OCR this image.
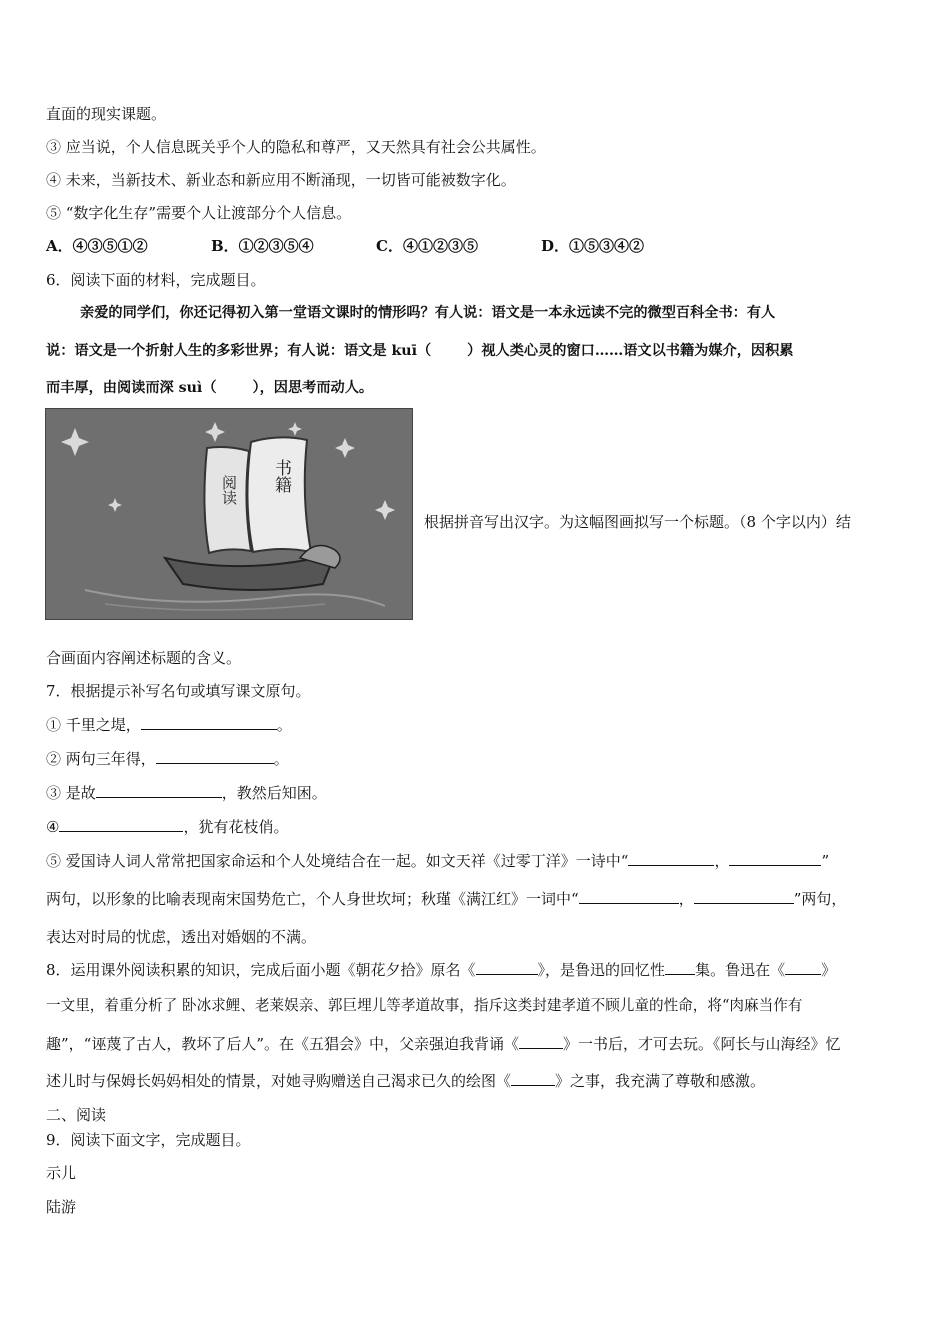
直面的现实课题。
③ 应当说，个人信息既关乎个人的隐私和尊严，又天然具有社会公共属性。
④ 未来，当新技术、新业态和新应用不断涌现，一切皆可能被数字化。
⑤ “数字化生存”需要个人让渡部分个人信息。
A．④③⑤①②	B．①②③⑤④	C．④①②③⑤	D．①⑤③④②
6．阅读下面的材料，完成题目。
亲爱的同学们，你还记得初入第一堂语文课时的情形吗？有人说：语文是一本永远读不完的微型百科全书：有人
说：语文是一个折射人生的多彩世界；有人说：语文是 kuī（	）视人类心灵的窗口……语文以书籍为媒介，因积累
而丰厚，由阅读而深 suì（	），因思考而动人。
阅读 书籍
根据拼音写出汉字。为这幅图画拟写一个标题。（8 个字以内）结
合画面内容阐述标题的含义。
7．根据提示补写名句或填写课文原句。
① 千里之堤，	。
② 两句三年得，	。
③ 是故	，教然后知困。
④	，犹有花枝俏。
⑤ 爱国诗人词人常常把国家命运和个人处境结合在一起。如文天祥《过零丁洋》一诗中“	，	”
两句，以形象的比喻表现南宋国势危亡，个人身世坎坷；秋瑾《满江红》一词中“	，	”两句，
表达对时局的忧虑，透出对婚姻的不满。
8．运用课外阅读积累的知识，完成后面小题《朝花夕拾》原名《	》，是鲁迅的回忆性 集。鲁迅在《 》
一文里，着重分析了 卧冰求鲤、老莱娱亲、郭巨埋儿等孝道故事，指斥这类封建孝道不顾儿童的性命，将“肉麻当作有
趣”，“诬蔑了古人，教坏了后人”。在《五猖会》中，父亲强迫我背诵《	》一书后，才可去玩。《阿长与山海经》忆
述儿时与保姆长妈妈相处的情景，对她寻购赠送自己渴求已久的绘图《	》之事，我充满了尊敬和感激。
二、阅读
9．阅读下面文字，完成题目。
示儿
陆游
